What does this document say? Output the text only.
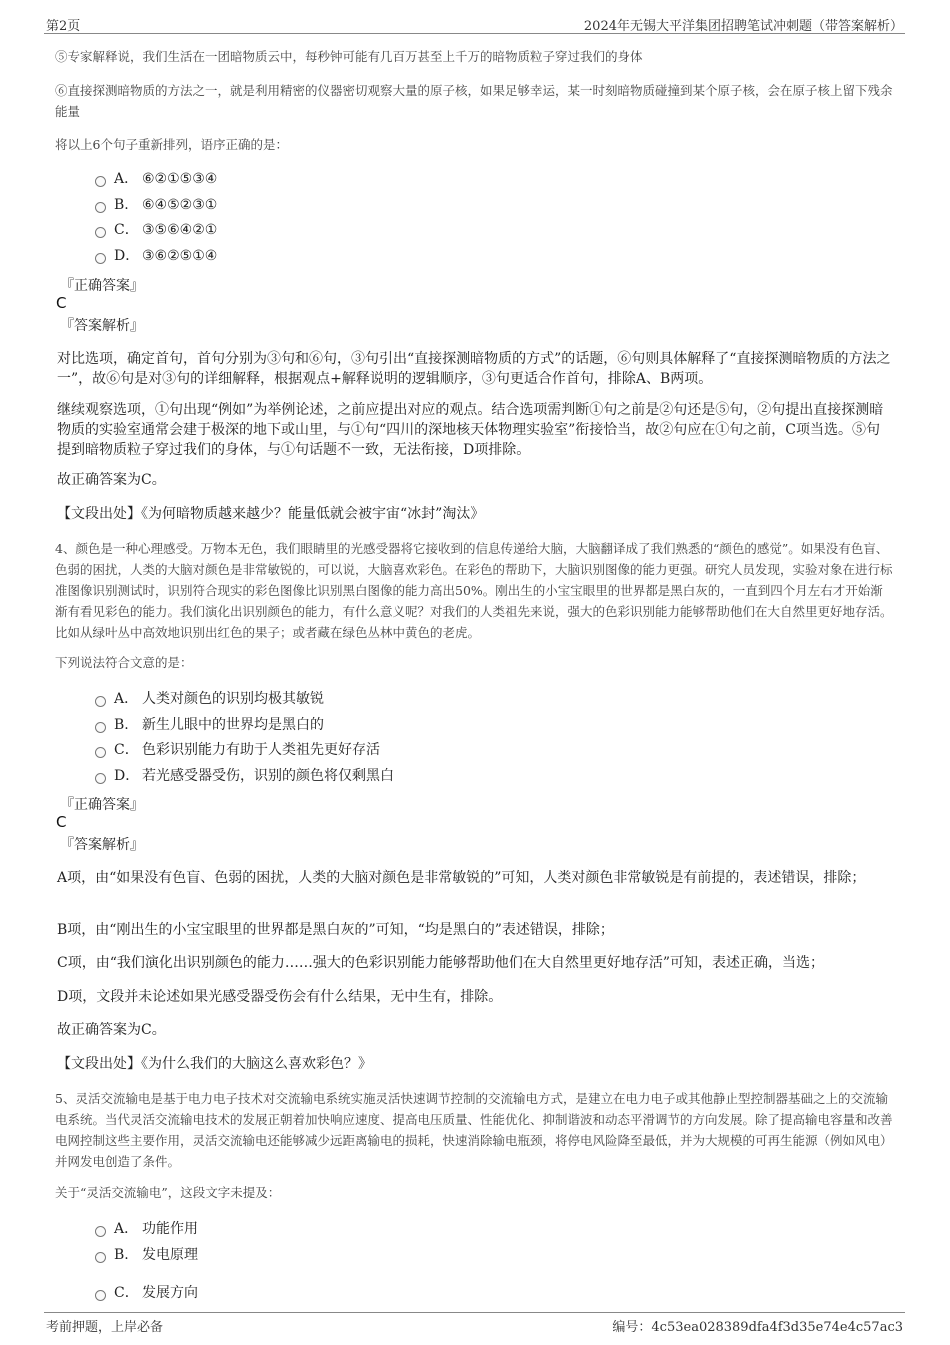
第2页	2024年无锡大平洋集团招聘笔试冲刺题（带答案解析）
⑤专家解释说，我们生活在一团暗物质云中，每秒钟可能有几百万甚至上千万的暗物质粒子穿过我们的身体
⑥直接探测暗物质的方法之一，就是利用精密的仪器密切观察大量的原子核，如果足够幸运，某一时刻暗物质碰撞到某个原子核，会在原子核上留下残余能量
将以上6个句子重新排列，语序正确的是：
A． ⑥②①⑤③④
B. ⑥④⑤②③①
C． ③⑤⑥④②①
D． ③⑥②⑤①④
『正确答案』
C
『答案解析』
对比选项，确定首句，首句分别为③句和⑥句，③句引出“直接探测暗物质的方式”的话题，⑥句则具体解释了“直接探测暗物质的方法之一”，故⑥句是对③句的详细解释，根据观点+解释说明的逻辑顺序，③句更适合作首句，排除A、B两项。
继续观察选项，①句出现“例如”为举例论述，之前应提出对应的观点。结合选项需判断①句之前是②句还是⑤句，②句提出直接探测暗物质的实验室通常会建于极深的地下或山里，与①句“四川的深地核天体物理实验室”衔接恰当，故②句应在①句之前，C项当选。⑤句提到暗物质粒子穿过我们的身体，与①句话题不一致，无法衔接，D项排除。
故正确答案为C。
【文段出处】《为何暗物质越来越少？能量低就会被宇宙“冰封”淘汰》
4、颜色是一种心理感受。万物本无色，我们眼睛里的光感受器将它接收到的信息传递给大脑，大脑翻译成了我们熟悉的“颜色的感觉”。如果没有色盲、色弱的困扰，人类的大脑对颜色是非常敏锐的，可以说，大脑喜欢彩色。在彩色的帮助下，大脑识别图像的能力更强。研究人员发现，实验对象在进行标准图像识别测试时，识别符合现实的彩色图像比识别黑白图像的能力高出50%。刚出生的小宝宝眼里的世界都是黑白灰的，一直到四个月左右才开始渐渐有看见彩色的能力。我们演化出识别颜色的能力，有什么意义呢？对我们的人类祖先来说，强大的色彩识别能力能够帮助他们在大自然里更好地存活。比如从绿叶丛中高效地识别出红色的果子；或者藏在绿色丛林中黄色的老虎。
下列说法符合文意的是：
A． 人类对颜色的识别均极其敏锐
B. 新生儿眼中的世界均是黑白的
C． 色彩识别能力有助于人类祖先更好存活
D． 若光感受器受伤，识别的颜色将仅剩黑白
『正确答案』
C
『答案解析』
A项，由“如果没有色盲、色弱的困扰，人类的大脑对颜色是非常敏锐的”可知，人类对颜色非常敏锐是有前提的，表述错误，排除；
B项，由“刚出生的小宝宝眼里的世界都是黑白灰的”可知，“均是黑白的”表述错误，排除；
C项，由“我们演化出识别颜色的能力……强大的色彩识别能力能够帮助他们在大自然里更好地存活”可知，表述正确，当选；
D项，文段并未论述如果光感受器受伤会有什么结果，无中生有，排除。
故正确答案为C。
【文段出处】《为什么我们的大脑这么喜欢彩色？》
5、灵活交流输电是基于电力电子技术对交流输电系统实施灵活快速调节控制的交流输电方式，是建立在电力电子或其他静止型控制器基础之上的交流输电系统。当代灵活交流输电技术的发展正朝着加快响应速度、提高电压质量、性能优化、抑制谐波和动态平滑调节的方向发展。除了提高输电容量和改善电网控制这些主要作用，灵活交流输电还能够减少远距离输电的损耗，快速消除输电瓶颈，将停电风险降至最低，并为大规模的可再生能源（例如风电）并网发电创造了条件。
关于“灵活交流输电”，这段文字未提及：
A． 功能作用
B. 发电原理
C． 发展方向
考前押题，上岸必备	编号：4c53ea028389dfa4f3d35e74e4c57ac3
